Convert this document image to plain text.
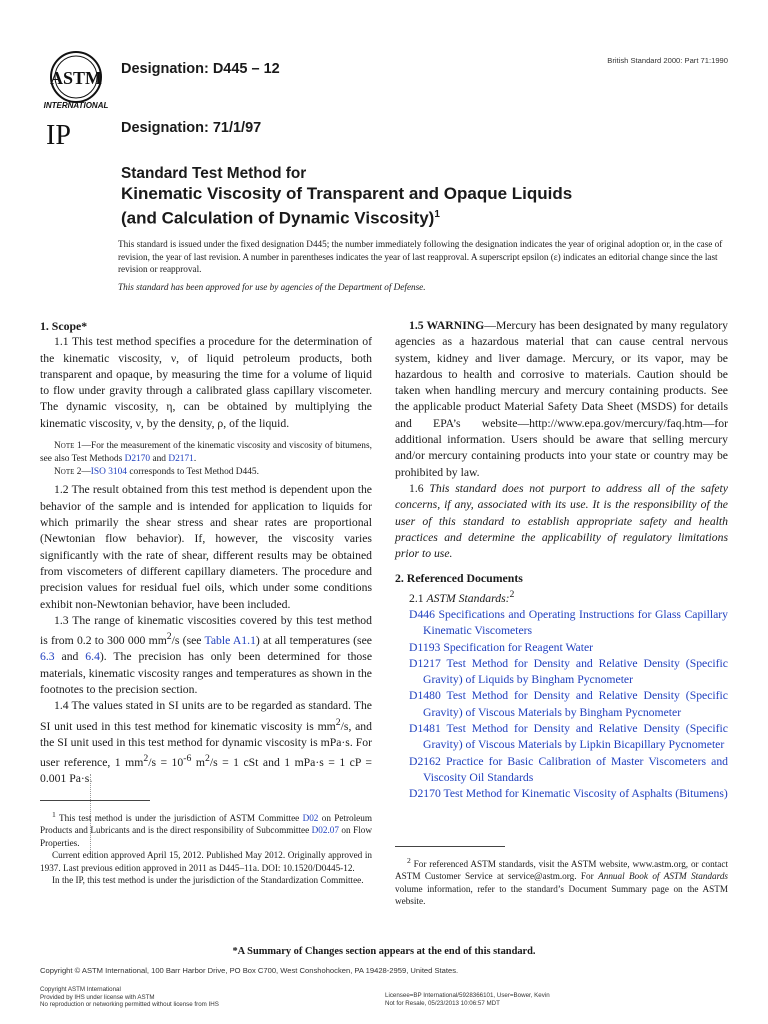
ASTM
INTERNATIONAL
IP
Designation: D445 – 12
Designation: 71/1/97
British Standard 2000: Part 71:1990
Standard Test Method for
Kinematic Viscosity of Transparent and Opaque Liquids
(and Calculation of Dynamic Viscosity)$^1$
This standard is issued under the fixed designation D445; the number immediately following the designation indicates the year of original adoption or, in the case of revision, the year of last revision. A number in parentheses indicates the year of last reapproval. A superscript epsilon (ε) indicates an editorial change since the last revision or reapproval.
This standard has been approved for use by agencies of the Department of Defense.

1. Scope*

1.1 This test method specifies a procedure for the determination of the kinematic viscosity, ν, of liquid petroleum products, both transparent and opaque, by measuring the time for a volume of liquid to flow under gravity through a calibrated glass capillary viscometer. The dynamic viscosity, η, can be obtained by multiplying the kinematic viscosity, ν, by the density, ρ, of the liquid.

Note 1—For the measurement of the kinematic viscosity and viscosity of bitumens, see also Test Methods D2170 and D2171.

Note 2—ISO 3104 corresponds to Test Method D445.

1.2 The result obtained from this test method is dependent upon the behavior of the sample and is intended for application to liquids for which primarily the shear stress and shear rates are proportional (Newtonian flow behavior). If, however, the viscosity varies significantly with the rate of shear, different results may be obtained from viscometers of different capillary diameters. The procedure and precision values for residual fuel oils, which under some conditions exhibit non-Newtonian behavior, have been included.

1.3 The range of kinematic viscosities covered by this test method is from 0.2 to 300 000 $mm^2/s$ (see Table A1.1) at all temperatures (see 6.3 and 6.4). The precision has only been determined for those materials, kinematic viscosity ranges and temperatures as shown in the footnotes to the precision section.

1.4 The values stated in SI units are to be regarded as standard. The SI unit used in this test method for kinematic viscosity is $mm^2/s$, and the SI unit used in this test method for dynamic viscosity is mPa·s. For user reference, 1 $mm^2/s = 10^{-6}$ $m^2/s = 1$ cSt and 1 mPa·s = 1 cP = 0.001 Pa·s.

$^1$ This test method is under the jurisdiction of ASTM Committee D02 on Petroleum Products and Lubricants and is the direct responsibility of Subcommittee D02.07 on Flow Properties.

Current edition approved April 15, 2012. Published May 2012. Originally approved in 1937. Last previous edition approved in 2011 as D445–11a. DOI: 10.1520/D0445-12.

In the IP, this test method is under the jurisdiction of the Standardization Committee.

1.5 WARNING—Mercury has been designated by many regulatory agencies as a hazardous material that can cause central nervous system, kidney and liver damage. Mercury, or its vapor, may be hazardous to health and corrosive to materials. Caution should be taken when handling mercury and mercury containing products. See the applicable product Material Safety Data Sheet (MSDS) for details and EPA’s website—http://www.epa.gov/mercury/faq.htm—for additional information. Users should be aware that selling mercury and/or mercury containing products into your state or country may be prohibited by law.

1.6 This standard does not purport to address all of the safety concerns, if any, associated with its use. It is the responsibility of the user of this standard to establish appropriate safety and health practices and determine the applicability of regulatory limitations prior to use.

2. Referenced Documents

2.1 ASTM Standards:$^2$

D446 Specifications and Operating Instructions for Glass Capillary Kinematic Viscometers
D1193 Specification for Reagent Water
D1217 Test Method for Density and Relative Density (Specific Gravity) of Liquids by Bingham Pycnometer
D1480 Test Method for Density and Relative Density (Specific Gravity) of Viscous Materials by Bingham Pycnometer
D1481 Test Method for Density and Relative Density (Specific Gravity) of Viscous Materials by Lipkin Bicapillary Pycnometer
D2162 Practice for Basic Calibration of Master Viscometers and Viscosity Oil Standards
D2170 Test Method for Kinematic Viscosity of Asphalts (Bitumens)

$^2$ For referenced ASTM standards, visit the ASTM website, www.astm.org, or contact ASTM Customer Service at service@astm.org. For Annual Book of ASTM Standards volume information, refer to the standard’s Document Summary page on the ASTM website.

*A Summary of Changes section appears at the end of this standard.
Copyright © ASTM International, 100 Barr Harbor Drive, PO Box C700, West Conshohocken, PA 19428-2959, United States.
Copyright ASTM International
Provided by IHS under license with ASTM
No reproduction or networking permitted without license from IHS
Licensee=BP International/5928366101, User=Bower, Kevin
Not for Resale, 05/23/2013 10:06:57 MDT
